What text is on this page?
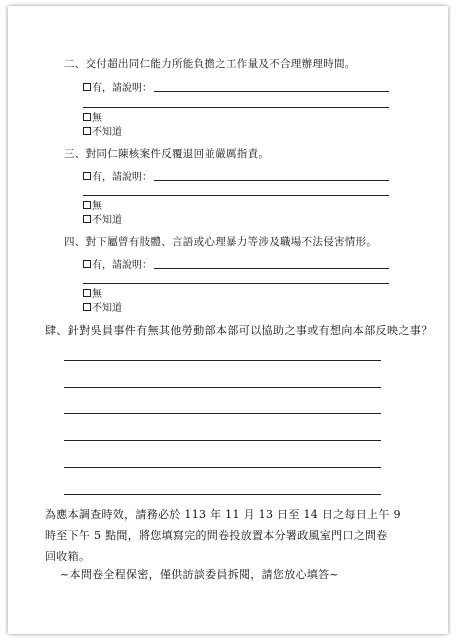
二、交付超出同仁能力所能負擔之工作量及不合理辦理時間。
有，請說明：
無
不知道
三、對同仁陳核案件反覆退回並嚴厲指責。
有，請說明：
無
不知道
四、對下屬曾有肢體、言語或心理暴力等涉及職場不法侵害情形。
有，請說明：
無
不知道
肆、針對吳員事件有無其他勞動部本部可以協助之事或有想向本部反映之事？
為應本調查時效，請務必於 113 年 11 月 13 日至 14 日之每日上午 9
時至下午 5 點間，將您填寫完的問卷投放置本分署政風室門口之問卷
回收箱。
~本問卷全程保密，僅供訪談委員拆閱，請您放心填答~
